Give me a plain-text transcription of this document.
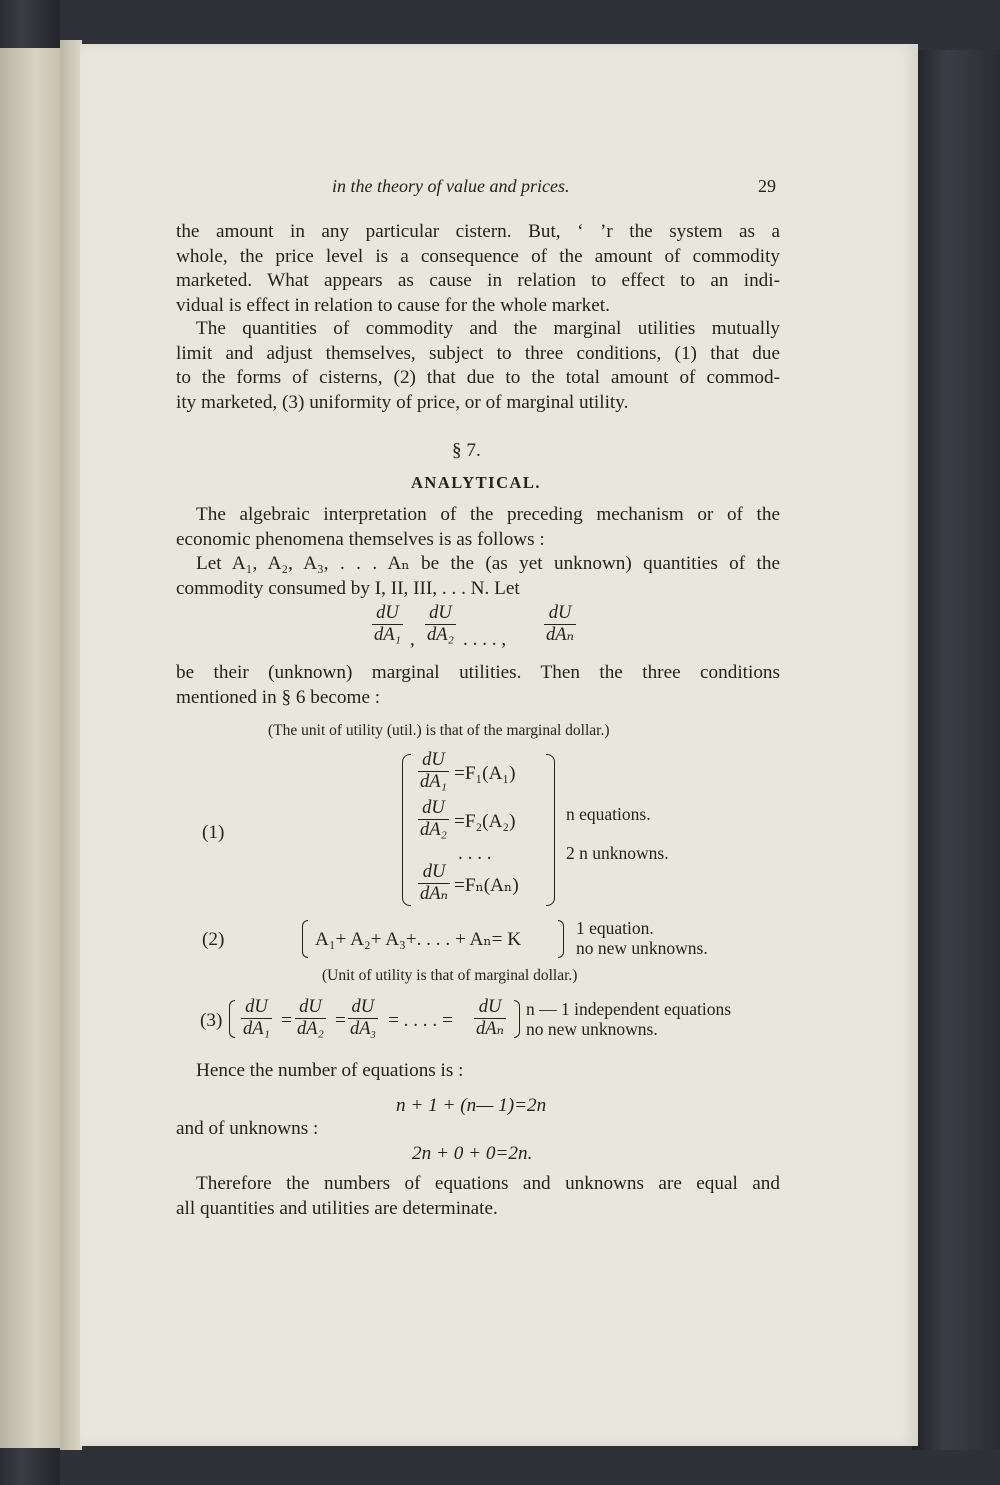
in the theory of value and prices.	29
the amount in any particular cistern. But, ‘ ’r the system as a
whole, the price level is a consequence of the amount of commodity
marketed. What appears as cause in relation to effect to an indi-
vidual is effect in relation to cause for the whole market.
The quantities of commodity and the marginal utilities mutually
limit and adjust themselves, subject to three conditions, (1) that due
to the forms of cisterns, (2) that due to the total amount of commod-
ity marketed, (3) uniformity of price, or of marginal utility.
§ 7.
ANALYTICAL.
The algebraic interpretation of the preceding mechanism or of the
economic phenomena themselves is as follows :
Let A₁, A₂, A₃, . . . Aₙ be the (as yet unknown) quantities of the
commodity consumed by I, II, III, . . . N. Let
$\frac{dU}{\text{dA₁}}$ , $\frac{dU}{\text{dA₂}}$ . . . . ,
dU
dAₙ
be their (unknown) marginal utilities. Then the three conditions
mentioned in § 6 become :
(The unit of utility (util.) is that of the marginal dollar.)
(1)
$\frac{dU}{\text{dA₁}} =F_1(A_1)$
$\frac{dU}{\text{dA₂}} =F_2(A_2)$
. . . .
dU
dAₙ =Fₙ(Aₙ)
n equations.
2 n unknowns.
(2)	A₁+ A₂+ A₃+. . . . + Aₙ= K
1 equation.
no new unknowns.
(Unit of utility is that of marginal dollar.)
$(3) \frac{dU}{\text{dA₁}} = \frac{dU}{\text{dA₂}} = \frac{dU}{dA_3}$ = . . . . =
dU
dAₙ
n — 1 independent equations
no new unknowns.
Hence the number of equations is :
n + 1 + (n— 1)=2n
and of unknowns :
2n + 0 + 0=2n.
Therefore the numbers of equations and unknowns are equal and
all quantities and utilities are determinate.
